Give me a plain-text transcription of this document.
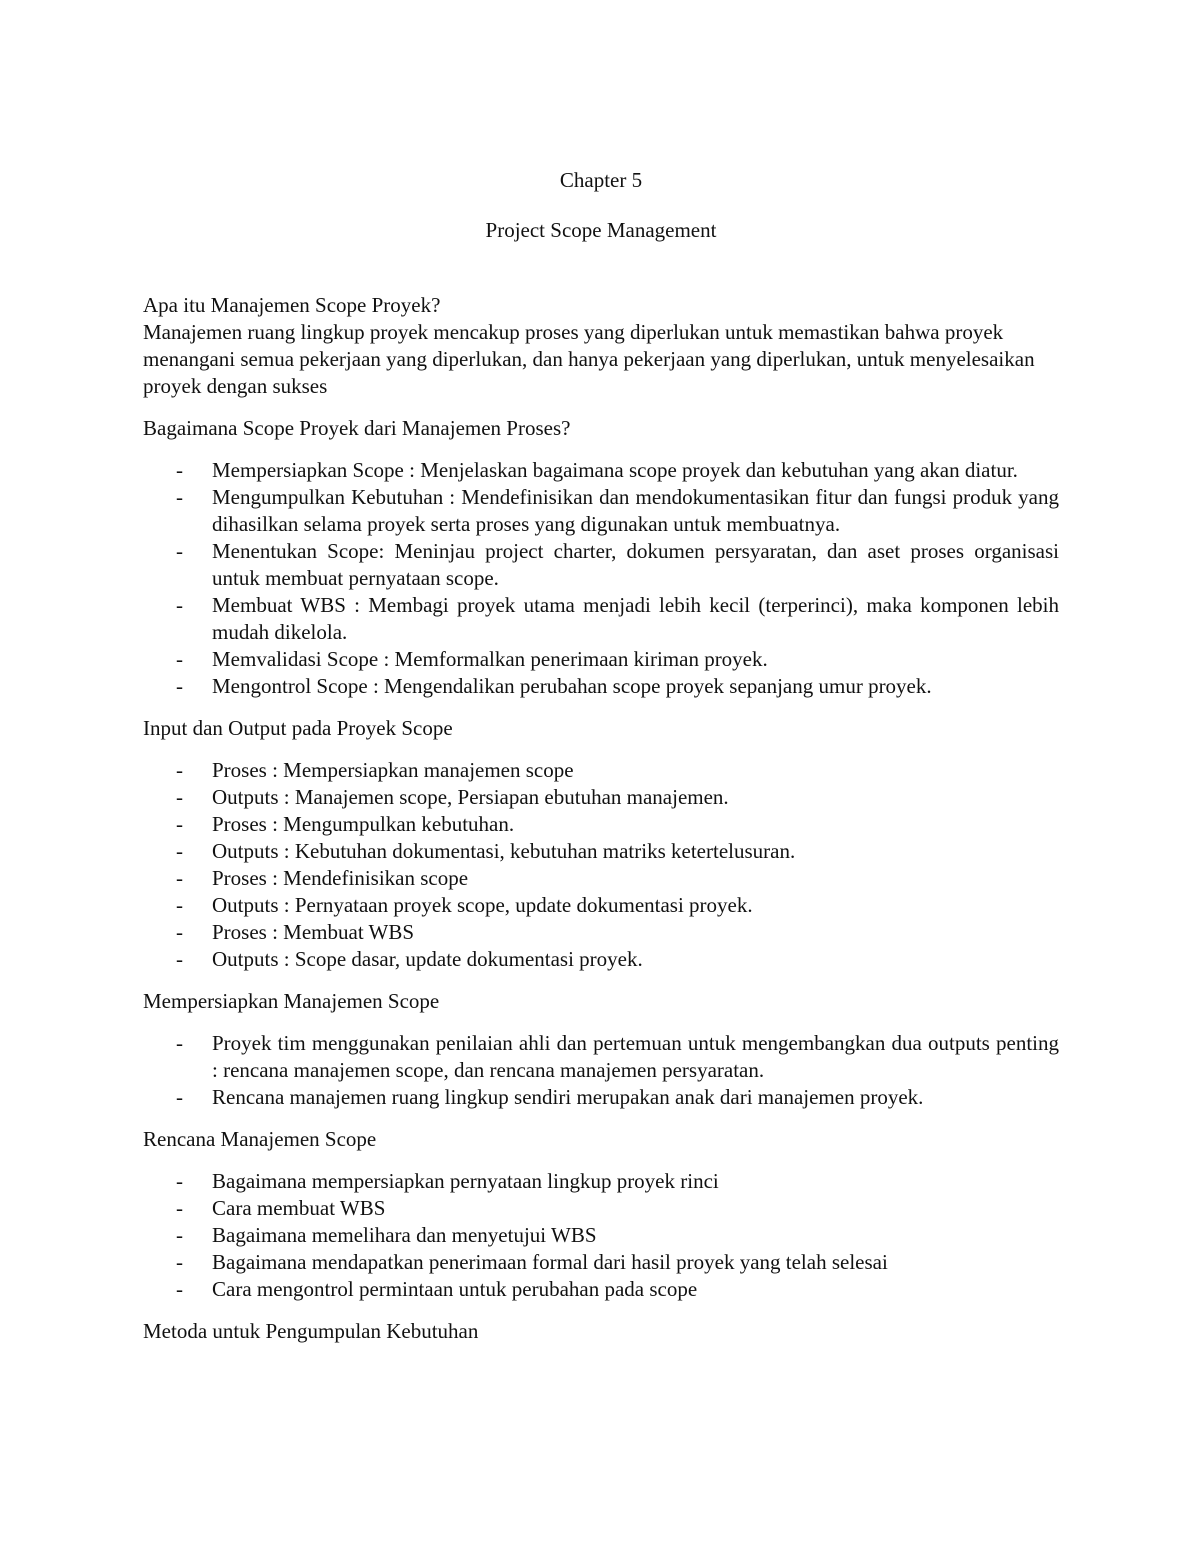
Chapter 5

Project Scope Management

Apa itu Manajemen Scope Proyek?

Manajemen ruang lingkup proyek mencakup proses yang diperlukan untuk memastikan bahwa proyek menangani semua pekerjaan yang diperlukan, dan hanya pekerjaan yang diperlukan, untuk menyelesaikan proyek dengan sukses

Bagaimana Scope Proyek dari Manajemen Proses?

- Mempersiapkan Scope : Menjelaskan bagaimana scope proyek dan kebutuhan yang akan diatur.
- Mengumpulkan Kebutuhan : Mendefinisikan dan mendokumentasikan fitur dan fungsi produk yang dihasilkan selama proyek serta proses yang digunakan untuk membuatnya.
- Menentukan Scope: Meninjau project charter, dokumen persyaratan, dan aset proses organisasi untuk membuat pernyataan scope.
- Membuat WBS : Membagi proyek utama menjadi lebih kecil (terperinci), maka komponen lebih mudah dikelola.
- Memvalidasi Scope : Memformalkan penerimaan kiriman proyek.
- Mengontrol Scope : Mengendalikan perubahan scope proyek sepanjang umur proyek.

Input dan Output pada Proyek Scope

- Proses : Mempersiapkan manajemen scope
- Outputs : Manajemen scope, Persiapan ebutuhan manajemen.
- Proses : Mengumpulkan kebutuhan.
- Outputs : Kebutuhan dokumentasi, kebutuhan matriks ketertelusuran.
- Proses : Mendefinisikan scope
- Outputs : Pernyataan proyek scope, update dokumentasi proyek.
- Proses : Membuat WBS
- Outputs : Scope dasar, update dokumentasi proyek.

Mempersiapkan Manajemen Scope

- Proyek tim menggunakan penilaian ahli dan pertemuan untuk mengembangkan dua outputs penting : rencana manajemen scope, dan rencana manajemen persyaratan.
- Rencana manajemen ruang lingkup sendiri merupakan anak dari manajemen proyek.

Rencana Manajemen Scope

- Bagaimana mempersiapkan pernyataan lingkup proyek rinci
- Cara membuat WBS
- Bagaimana memelihara dan menyetujui WBS
- Bagaimana mendapatkan penerimaan formal dari hasil proyek yang telah selesai
- Cara mengontrol permintaan untuk perubahan pada scope

Metoda untuk Pengumpulan Kebutuhan
